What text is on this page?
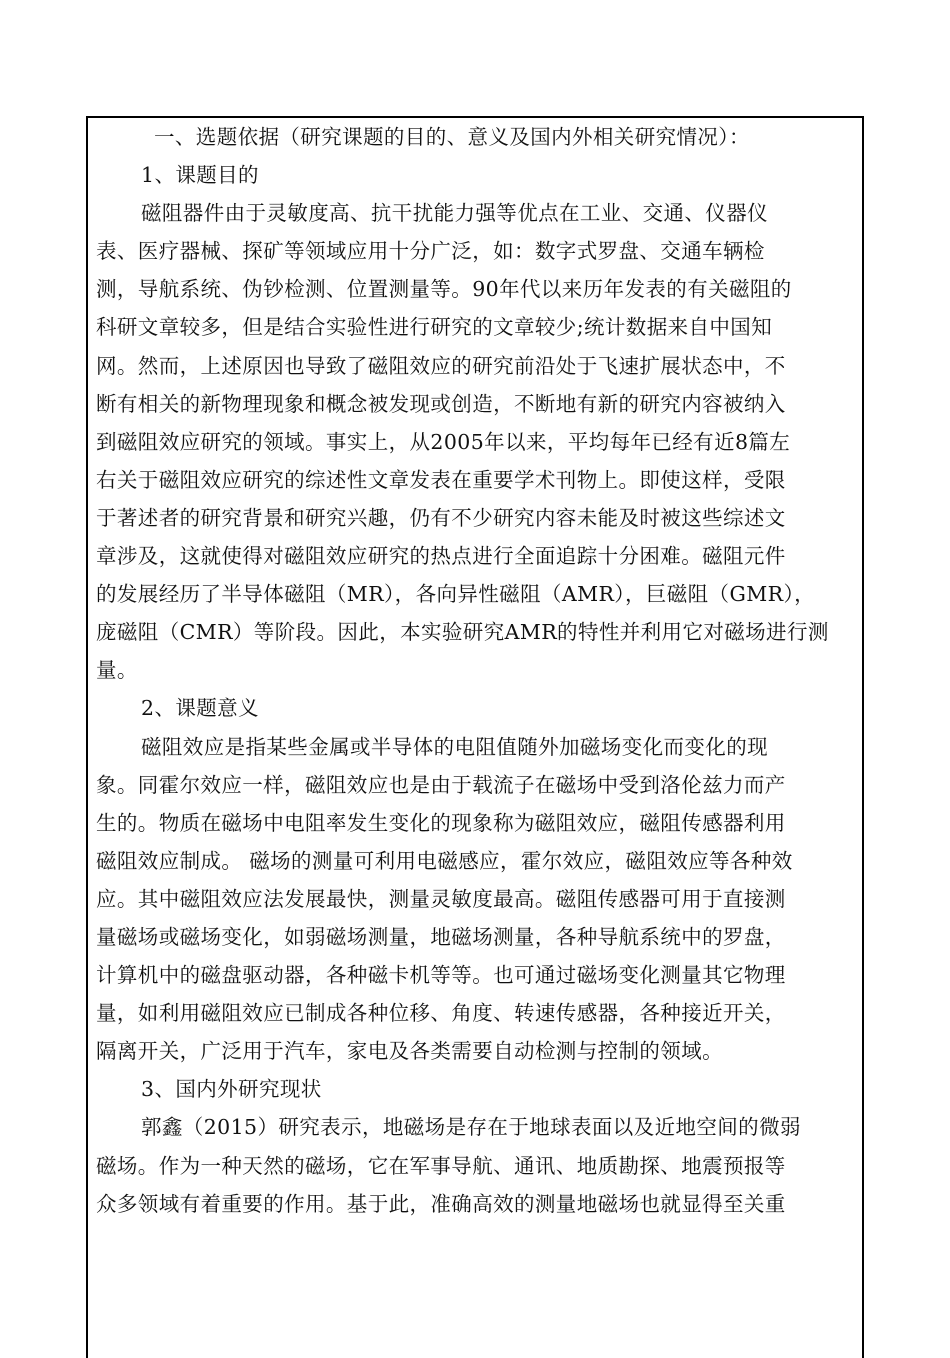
一、选题依据（研究课题的目的、意义及国内外相关研究情况）：
1、课题目的
磁阻器件由于灵敏度高、抗干扰能力强等优点在工业、交通、仪器仪
表、医疗器械、探矿等领域应用十分广泛，如：数字式罗盘、交通车辆检
测，导航系统、伪钞检测、位置测量等。90年代以来历年发表的有关磁阻的
科研文章较多，但是结合实验性进行研究的文章较少;统计数据来自中国知
网。然而，上述原因也导致了磁阻效应的研究前沿处于飞速扩展状态中，不
断有相关的新物理现象和概念被发现或创造，不断地有新的研究内容被纳入
到磁阻效应研究的领域。事实上，从2005年以来，平均每年已经有近8篇左
右关于磁阻效应研究的综述性文章发表在重要学术刊物上。即使这样，受限
于著述者的研究背景和研究兴趣，仍有不少研究内容未能及时被这些综述文
章涉及，这就使得对磁阻效应研究的热点进行全面追踪十分困难。磁阻元件
的发展经历了半导体磁阻（MR），各向异性磁阻（AMR），巨磁阻（GMR），
庞磁阻（CMR）等阶段。因此，本实验研究AMR的特性并利用它对磁场进行测
量。
2、课题意义
磁阻效应是指某些金属或半导体的电阻值随外加磁场变化而变化的现
象。同霍尔效应一样，磁阻效应也是由于载流子在磁场中受到洛伦兹力而产
生的。物质在磁场中电阻率发生变化的现象称为磁阻效应，磁阻传感器利用
磁阻效应制成。 磁场的测量可利用电磁感应，霍尔效应，磁阻效应等各种效
应。其中磁阻效应法发展最快，测量灵敏度最高。磁阻传感器可用于直接测
量磁场或磁场变化，如弱磁场测量，地磁场测量，各种导航系统中的罗盘，
计算机中的磁盘驱动器，各种磁卡机等等。也可通过磁场变化测量其它物理
量，如利用磁阻效应已制成各种位移、角度、转速传感器，各种接近开关，
隔离开关，广泛用于汽车，家电及各类需要自动检测与控制的领域。
3、国内外研究现状
郭鑫（2015）研究表示，地磁场是存在于地球表面以及近地空间的微弱
磁场。作为一种天然的磁场，它在军事导航、通讯、地质勘探、地震预报等
众多领域有着重要的作用。基于此，准确高效的测量地磁场也就显得至关重
